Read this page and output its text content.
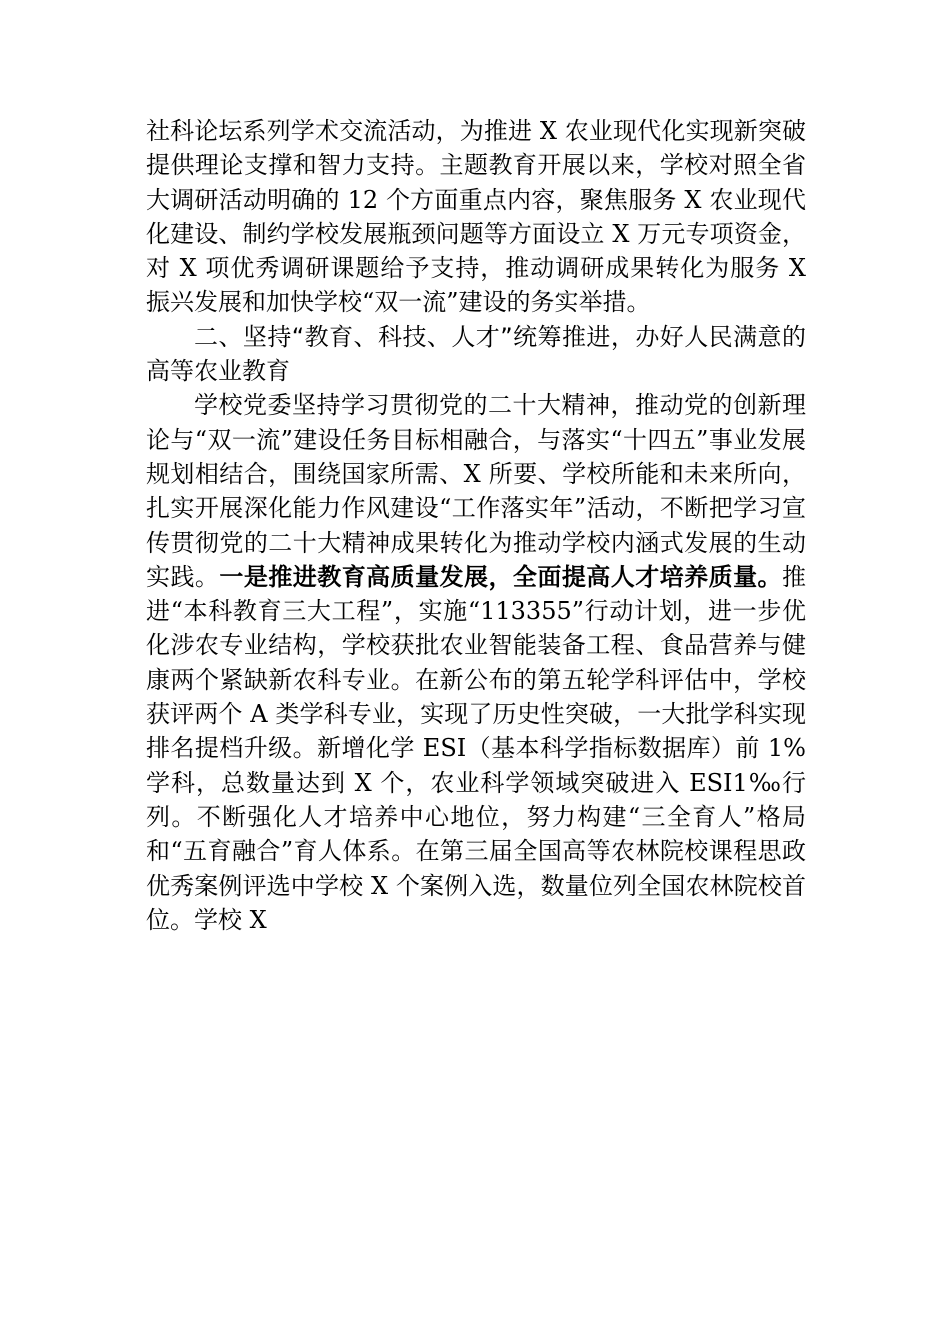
社科论坛系列学术交流活动，为推进 X 农业现代化实现新突破提供理论支撑和智力支持。主题教育开展以来，学校对照全省大调研活动明确的 12 个方面重点内容，聚焦服务 X 农业现代化建设、制约学校发展瓶颈问题等方面设立 X 万元专项资金，对 X 项优秀调研课题给予支持，推动调研成果转化为服务 X 振兴发展和加快学校“双一流”建设的务实举措。

二、坚持“教育、科技、人才”统筹推进，办好人民满意的高等农业教育

学校党委坚持学习贯彻党的二十大精神，推动党的创新理论与“双一流”建设任务目标相融合，与落实“十四五”事业发展规划相结合，围绕国家所需、X 所要、学校所能和未来所向，扎实开展深化能力作风建设“工作落实年”活动，不断把学习宣传贯彻党的二十大精神成果转化为推动学校内涵式发展的生动实践。一是推进教育高质量发展，全面提高人才培养质量。推进“本科教育三大工程”，实施“113355”行动计划，进一步优化涉农专业结构，学校获批农业智能装备工程、食品营养与健康两个紧缺新农科专业。在新公布的第五轮学科评估中，学校获评两个 A 类学科专业，实现了历史性突破，一大批学科实现排名提档升级。新增化学 ESI（基本科学指标数据库）前 1%学科，总数量达到 X 个，农业科学领域突破进入 ESI1‰行列。不断强化人才培养中心地位，努力构建“三全育人”格局和“五育融合”育人体系。在第三届全国高等农林院校课程思政优秀案例评选中学校 X 个案例入选，数量位列全国农林院校首位。学校 X
